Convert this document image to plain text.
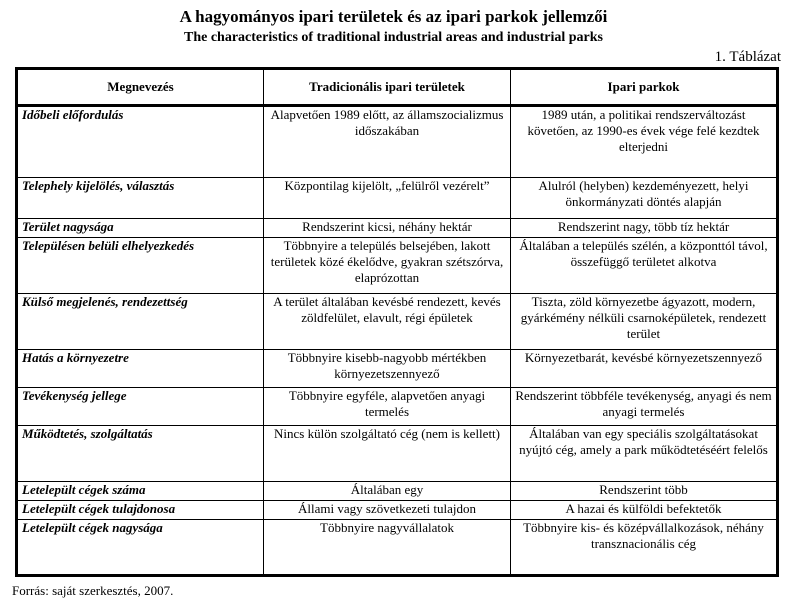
A hagyományos ipari területek és az ipari parkok jellemzői
The characteristics of traditional industrial areas and industrial parks
1. Táblázat
Megnevezés	Tradicionális ipari területek	Ipari parkok
Időbeli előfordulás	Alapvetően 1989 előtt, az államszocializmus időszakában	1989 után, a politikai rendszerváltozást követően, az 1990-es évek vége felé kezdtek elterjedni
Telephely kijelölés, választás	Központilag kijelölt, „felülről vezérelt”	Alulról (helyben) kezdeményezett, helyi önkormányzati döntés alapján
Terület nagysága	Rendszerint kicsi, néhány hektár	Rendszerint nagy, több tíz hektár
Településen belüli elhelyezkedés	Többnyire a település belsejében, lakott területek közé ékelődve, gyakran szétszórva, elaprózottan	Általában a település szélén, a központtól távol, összefüggő területet alkotva
Külső megjelenés, rendezettség	A terület általában kevésbé rendezett, kevés zöldfelület, elavult, régi épületek	Tiszta, zöld környezetbe ágyazott, modern, gyárkémény nélküli csarnoképületek, rendezett terület
Hatás a környezetre	Többnyire kisebb-nagyobb mértékben környezetszennyező	Környezetbarát, kevésbé környezetszennyező
Tevékenység jellege	Többnyire egyféle, alapvetően anyagi termelés	Rendszerint többféle tevékenység, anyagi és nem anyagi termelés
Működtetés, szolgáltatás	Nincs külön szolgáltató cég (nem is kellett)	Általában van egy speciális szolgáltatásokat nyújtó cég, amely a park működtetéséért felelős
Letelepült cégek száma	Általában egy	Rendszerint több
Letelepült cégek tulajdonosa	Állami vagy szövetkezeti tulajdon	A hazai és külföldi befektetők
Letelepült cégek nagysága	Többnyire nagyvállalatok	Többnyire kis- és középvállalkozások, néhány transznacionális cég
Forrás: saját szerkesztés, 2007.
